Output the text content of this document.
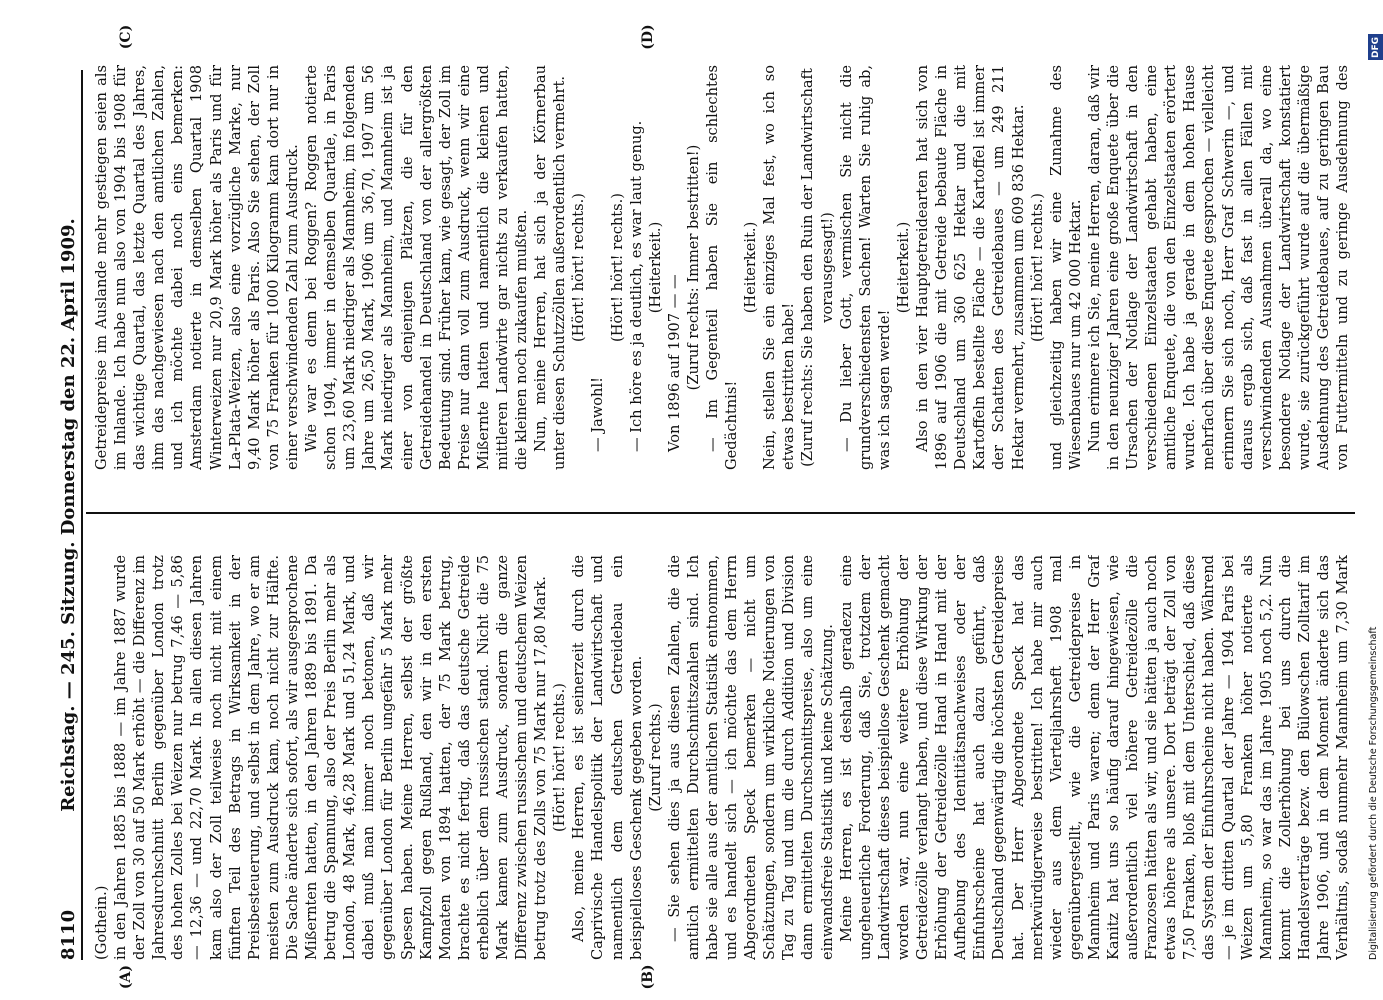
8110
Reichstag. — 245. Sitzung. Donnerstag den 22. April 1909.
(A)	(B)
(C)	(D)

(Gothein.) in den Jahren 1885 bis 1888 — im Jahre 1887 wurde der Zoll von 30 auf 50 Mark erhöht — die Differenz im Jahresdurchschnitt Berlin gegenüber London trotz des hohen Zolles bei Weizen nur betrug 7,46 — 5,86 — 12,36 — und 22,70 Mark. In allen diesen Jahren kam also der Zoll teilweise noch nicht mit einem fünften Teil des Betrags in Wirksamkeit in der Preisbesteuerung, und selbst in dem Jahre, wo er am meisten zum Ausdruck kam, noch nicht zur Hälfte. Die Sache änderte sich sofort, als wir ausgesprochene Mißernten hatten, in den Jahren 1889 bis 1891. Da betrug die Spannung, also der Preis Berlin mehr als London, 48 Mark, 46,28 Mark und 51,24 Mark, und dabei muß man immer noch betonen, daß wir gegenüber London für Berlin ungefähr 5 Mark mehr Spesen haben. Meine Herren, selbst der größte Kampfzoll gegen Rußland, den wir in den ersten Monaten von 1894 hatten, der 75 Mark betrug, brachte es nicht fertig, daß das deutsche Getreide erheblich über dem russischen stand. Nicht die 75 Mark kamen zum Ausdruck, sondern die ganze Differenz zwischen russischem und deutschem Weizen betrug trotz des Zolls von 75 Mark nur 17,80 Mark. (Hört! hört! rechts.) Also, meine Herren, es ist seinerzeit durch die Caprivische Handelspolitik der Landwirtschaft und namentlich dem deutschen Getreidebau ein beispielloses Geschenk gegeben worden. (Zuruf rechts.) — Sie sehen dies ja aus diesen Zahlen, die die amtlich ermittelten Durchschnittszahlen sind. Ich habe sie alle aus der amtlichen Statistik entnommen, und es handelt sich — ich möchte das dem Herrn Abgeordneten Speck bemerken — nicht um Schätzungen, sondern um wirkliche Notierungen von Tag zu Tag und um die durch Addition und Division dann ermittelten Durchschnittspreise, also um eine einwandsfreie Statistik und keine Schätzung. Meine Herren, es ist deshalb geradezu eine ungeheuerliche Forderung, daß Sie, trotzdem der Landwirtschaft dieses beispiellose Geschenk gemacht worden war, nun eine weitere Erhöhung der Getreidezölle verlangt haben, und diese Wirkung der Erhöhung der Getreidezölle Hand in Hand mit der Aufhebung des Identitätsnachweises oder der Einfuhrscheine hat auch dazu geführt, daß Deutschland gegenwärtig die höchsten Getreidepreise hat. Der Herr Abgeordnete Speck hat das merkwürdigerweise bestritten! Ich habe mir auch wieder aus dem Vierteljahrsheft 1908 mal gegenübergestellt, wie die Getreidepreise in Mannheim und Paris waren; denn der Herr Graf Kanitz hat uns so häufig darauf hingewiesen, wie außerordentlich viel höhere Getreidezölle die Franzosen hätten als wir, und sie hätten ja auch noch etwas höhere als unsere. Dort beträgt der Zoll von 7,50 Franken, bloß mit dem Unterschied, daß diese das System der Einfuhrscheine nicht haben. Während — je im dritten Quartal der Jahre — 1904 Paris bei Weizen um 5,80 Franken höher notierte als Mannheim, so war das im Jahre 1905 noch 5,2. Nun kommt die Zollerhöhung bei uns durch die Handelsverträge bezw. den Bülowschen Zolltarif im Jahre 1906, und in dem Moment änderte sich das Verhältnis, sodaß nunmehr Mannheim um 7,30 Mark

Getreidepreise im Auslande mehr gestiegen seien als im Inlande. Ich habe nun also von 1904 bis 1908 für das wichtige Quartal, das letzte Quartal des Jahres, ihm das nachgewiesen nach den amtlichen Zahlen, und ich möchte dabei noch eins bemerken: Amsterdam notierte in demselben Quartal 1908 Winterweizen nur 20,9 Mark höher als Paris und für La-Plata-Weizen, also eine vorzügliche Marke, nur 9,40 Mark höher als Paris. Also Sie sehen, der Zoll von 75 Franken für 1000 Kilogramm kam dort nur in einer verschwindenden Zahl zum Ausdruck. Wie war es denn bei Roggen? Roggen notierte schon 1904, immer in demselben Quartale, in Paris um 23,60 Mark niedriger als Mannheim, im folgenden Jahre um 26,50 Mark, 1906 um 36,70, 1907 um 56 Mark niedriger als Mannheim, und Mannheim ist ja einer von denjenigen Plätzen, die für den Getreidehandel in Deutschland von der allergrößten Bedeutung sind. Früher kam, wie gesagt, der Zoll im Preise nur dann voll zum Ausdruck, wenn wir eine Mißernte hatten und namentlich die kleinen und mittleren Landwirte gar nichts zu verkaufen hatten, die kleinen noch zukaufen mußten. Nun, meine Herren, hat sich ja der Körnerbau unter diesen Schutzzöllen außerordentlich vermehrt. (Hört! hört! rechts.)

— Jawohl!

(Hört! hört! rechts.) — Ich höre es ja deutlich, es war laut genug. (Heiterkeit.)

Von 1896 auf 1907 — — (Zuruf rechts: Immer bestritten!) — Im Gegenteil haben Sie ein schlechtes Gedächtnis!

(Heiterkeit.) Nein, stellen Sie ein einziges Mal fest, wo ich so etwas bestritten habe! (Zuruf rechts: Sie haben den Ruin der Landwirtschaft vorausgesagt!) — Du lieber Gott, vermischen Sie nicht die grundverschiedensten Sachen! Warten Sie ruhig ab, was ich sagen werde!

(Heiterkeit.) Also in den vier Hauptgetreidearten hat sich von 1896 auf 1906 die mit Getreide bebaute Fläche in Deutschland um 360 625 Hektar und die mit Kartoffeln bestellte Fläche — die Kartoffel ist immer der Schatten des Getreidebaues — um 249 211 Hektar vermehrt, zusammen um 609 836 Hektar. (Hört! hört! rechts.) und gleichzeitig haben wir eine Zunahme des Wiesenbaues nur um 42 000 Hektar. Nun erinnere ich Sie, meine Herren, daran, daß wir in den neunziger Jahren eine große Enquete über die Ursachen der Notlage der Landwirtschaft in den verschiedenen Einzelstaaten gehabt haben, eine amtliche Enquete, die von den Einzelstaaten erörtert wurde. Ich habe ja gerade in dem hohen Hause mehrfach über diese Enquete gesprochen — vielleicht erinnern Sie sich noch, Herr Graf Schwerin —, und daraus ergab sich, daß fast in allen Fällen mit verschwindenden Ausnahmen überall da, wo eine besondere Notlage der Landwirtschaft konstatiert wurde, sie zurückgeführt wurde auf die übermäßige Ausdehnung des Getreidebaues, auf zu geringen Bau von Futtermitteln und zu geringe Ausdehnung des

DFG
Digitalisierung gefördert durch die Deutsche Forschungsgemeinschaft
